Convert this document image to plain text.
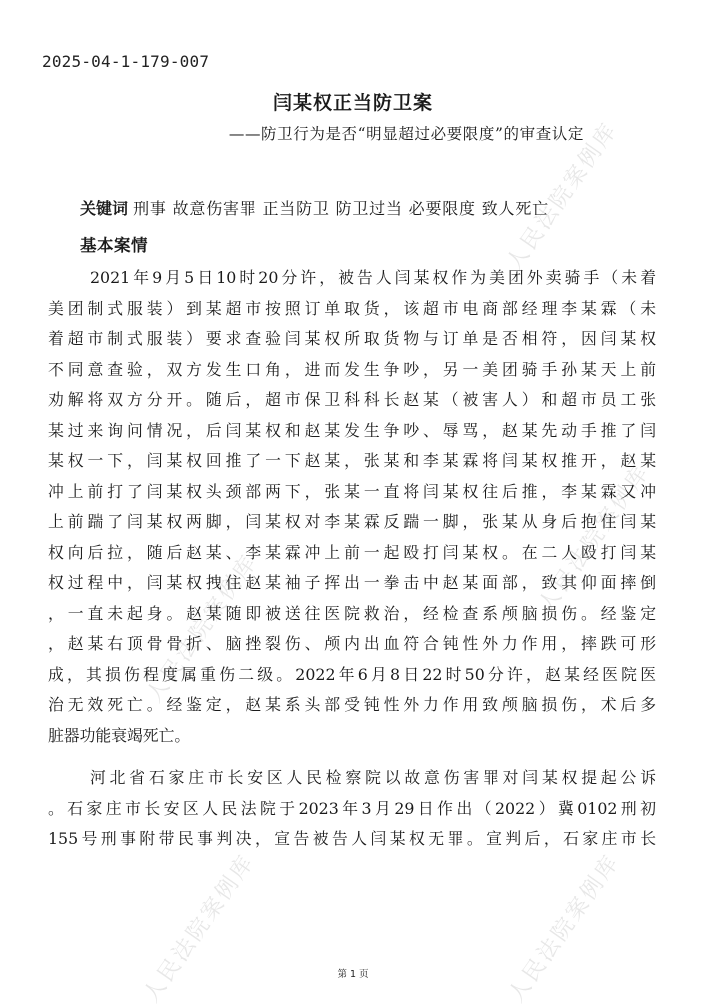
人民法院案例库
人民法院案例库
人民法院案例库
人民法院案例库	人民法院案例库
2025-04-1-179-007
闫某权正当防卫案
——防卫行为是否“明显超过必要限度”的审查认定
关键词 刑事 故意伤害罪 正当防卫 防卫过当 必要限度 致人死亡
基本案情
2021年9月5日10时20分许，被告人闫某权作为美团外卖骑手（未着
美团制式服装）到某超市按照订单取货，该超市电商部经理李某霖（未
着超市制式服装）要求查验闫某权所取货物与订单是否相符，因闫某权
不同意查验，双方发生口角，进而发生争吵，另一美团骑手孙某天上前
劝解将双方分开。随后，超市保卫科科长赵某（被害人）和超市员工张
某过来询问情况，后闫某权和赵某发生争吵、辱骂，赵某先动手推了闫
某权一下，闫某权回推了一下赵某，张某和李某霖将闫某权推开，赵某
冲上前打了闫某权头颈部两下，张某一直将闫某权往后推，李某霖又冲
上前踹了闫某权两脚，闫某权对李某霖反踹一脚，张某从身后抱住闫某
权向后拉，随后赵某、李某霖冲上前一起殴打闫某权。在二人殴打闫某
权过程中，闫某权拽住赵某袖子挥出一拳击中赵某面部，致其仰面摔倒
，一直未起身。赵某随即被送往医院救治，经检查系颅脑损伤。经鉴定
，赵某右顶骨骨折、脑挫裂伤、颅内出血符合钝性外力作用，摔跌可形
成，其损伤程度属重伤二级。2022年6月8日22时50分许，赵某经医院医
治无效死亡。经鉴定，赵某系头部受钝性外力作用致颅脑损伤，术后多
脏器功能衰竭死亡。
河北省石家庄市长安区人民检察院以故意伤害罪对闫某权提起公诉
。石家庄市长安区人民法院于2023年3月29日作出（2022）冀0102刑初
155号刑事附带民事判决，宣告被告人闫某权无罪。宣判后，石家庄市长
第 1 页
